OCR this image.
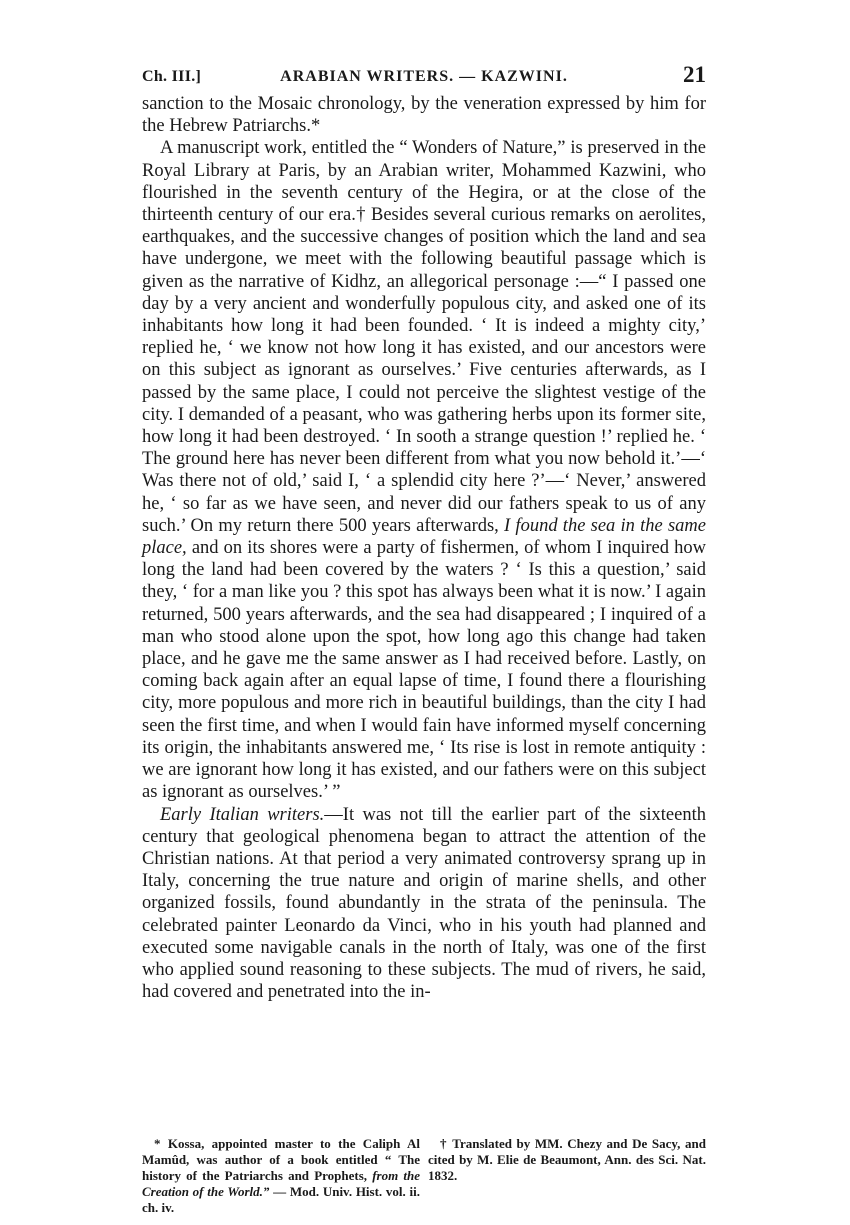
Ch. III.]	ARABIAN WRITERS. — KAZWINI.	21

sanction to the Mosaic chronology, by the veneration expressed by him for the Hebrew Patriarchs.*

A manuscript work, entitled the “ Wonders of Nature,” is preserved in the Royal Library at Paris, by an Arabian writer, Mohammed Kazwini, who flourished in the seventh century of the Hegira, or at the close of the thirteenth century of our era.† Besides several curious remarks on aerolites, earthquakes, and the successive changes of position which the land and sea have undergone, we meet with the following beautiful passage which is given as the narrative of Kidhz, an allegorical personage :—“ I passed one day by a very ancient and wonderfully populous city, and asked one of its inhabitants how long it had been founded. ‘ It is indeed a mighty city,’ replied he, ‘ we know not how long it has existed, and our ancestors were on this subject as ignorant as ourselves.’ Five centuries afterwards, as I passed by the same place, I could not perceive the slightest vestige of the city. I demanded of a peasant, who was gathering herbs upon its former site, how long it had been destroyed. ‘ In sooth a strange question !’ replied he. ‘ The ground here has never been different from what you now behold it.’—‘ Was there not of old,’ said I, ‘ a splendid city here ?’—‘ Never,’ answered he, ‘ so far as we have seen, and never did our fathers speak to us of any such.’ On my return there 500 years afterwards, I found the sea in the same place, and on its shores were a party of fishermen, of whom I inquired how long the land had been covered by the waters ? ‘ Is this a question,’ said they, ‘ for a man like you ? this spot has always been what it is now.’ I again returned, 500 years afterwards, and the sea had disappeared ; I inquired of a man who stood alone upon the spot, how long ago this change had taken place, and he gave me the same answer as I had received before. Lastly, on coming back again after an equal lapse of time, I found there a flourishing city, more populous and more rich in beautiful buildings, than the city I had seen the first time, and when I would fain have informed myself concerning its origin, the inhabitants answered me, ‘ Its rise is lost in remote antiquity : we are ignorant how long it has existed, and our fathers were on this subject as ignorant as ourselves.’ ”

Early Italian writers.—It was not till the earlier part of the sixteenth century that geological phenomena began to attract the attention of the Christian nations. At that period a very animated controversy sprang up in Italy, concerning the true nature and origin of marine shells, and other organized fossils, found abundantly in the strata of the peninsula. The celebrated painter Leonardo da Vinci, who in his youth had planned and executed some navigable canals in the north of Italy, was one of the first who applied sound reasoning to these subjects. The mud of rivers, he said, had covered and penetrated into the in-

* Kossa, appointed master to the Caliph Al Mamûd, was author of a book entitled “ The history of the Patriarchs and Prophets, from the Creation of the World.” — Mod. Univ. Hist. vol. ii. ch. iv.

† Translated by MM. Chezy and De Sacy, and cited by M. Elie de Beaumont, Ann. des Sci. Nat. 1832.
